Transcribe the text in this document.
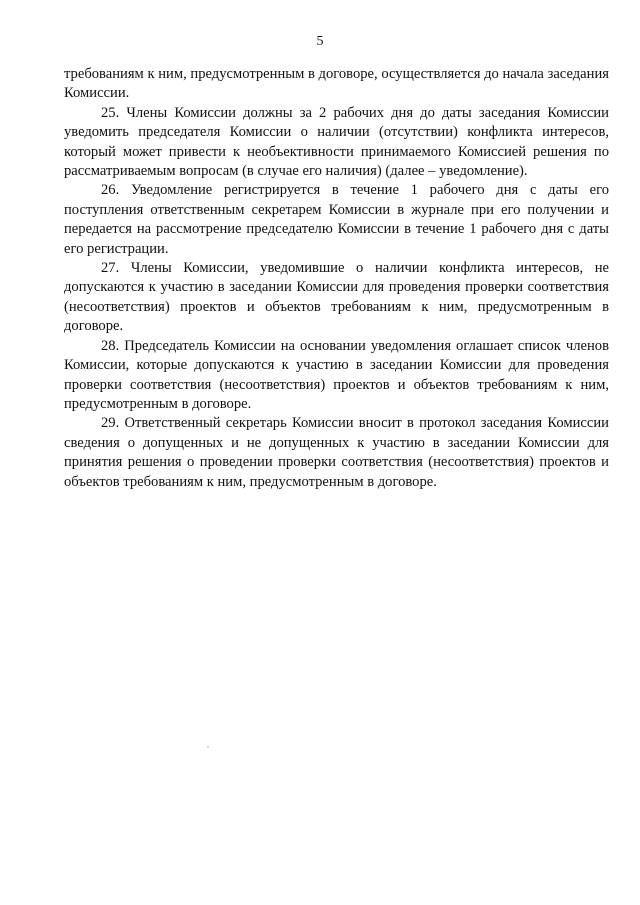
5

требованиям к ним, предусмотренным в договоре, осуществляется до начала заседания Комиссии.

25. Члены Комиссии должны за 2 рабочих дня до даты заседания Комиссии уведомить председателя Комиссии о наличии (отсутствии) конфликта интересов, который может привести к необъективности принимаемого Комиссией решения по рассматриваемым вопросам (в случае его наличия) (далее – уведомление).

26. Уведомление регистрируется в течение 1 рабочего дня с даты его поступления ответственным секретарем Комиссии в журнале при его получении и передается на рассмотрение председателю Комиссии в течение 1 рабочего дня с даты его регистрации.

27. Члены Комиссии, уведомившие о наличии конфликта интересов, не допускаются к участию в заседании Комиссии для проведения проверки соответствия (несоответствия) проектов и объектов требованиям к ним, предусмотренным в договоре.

28. Председатель Комиссии на основании уведомления оглашает список членов Комиссии, которые допускаются к участию в заседании Комиссии для проведения проверки соответствия (несоответствия) проектов и объектов требованиям к ним, предусмотренным в договоре.

29. Ответственный секретарь Комиссии вносит в протокол заседания Комиссии сведения о допущенных и не допущенных к участию в заседании Комиссии для принятия решения о проведении проверки соответствия (несоответствия) проектов и объектов требованиям к ним, предусмотренным в договоре.
